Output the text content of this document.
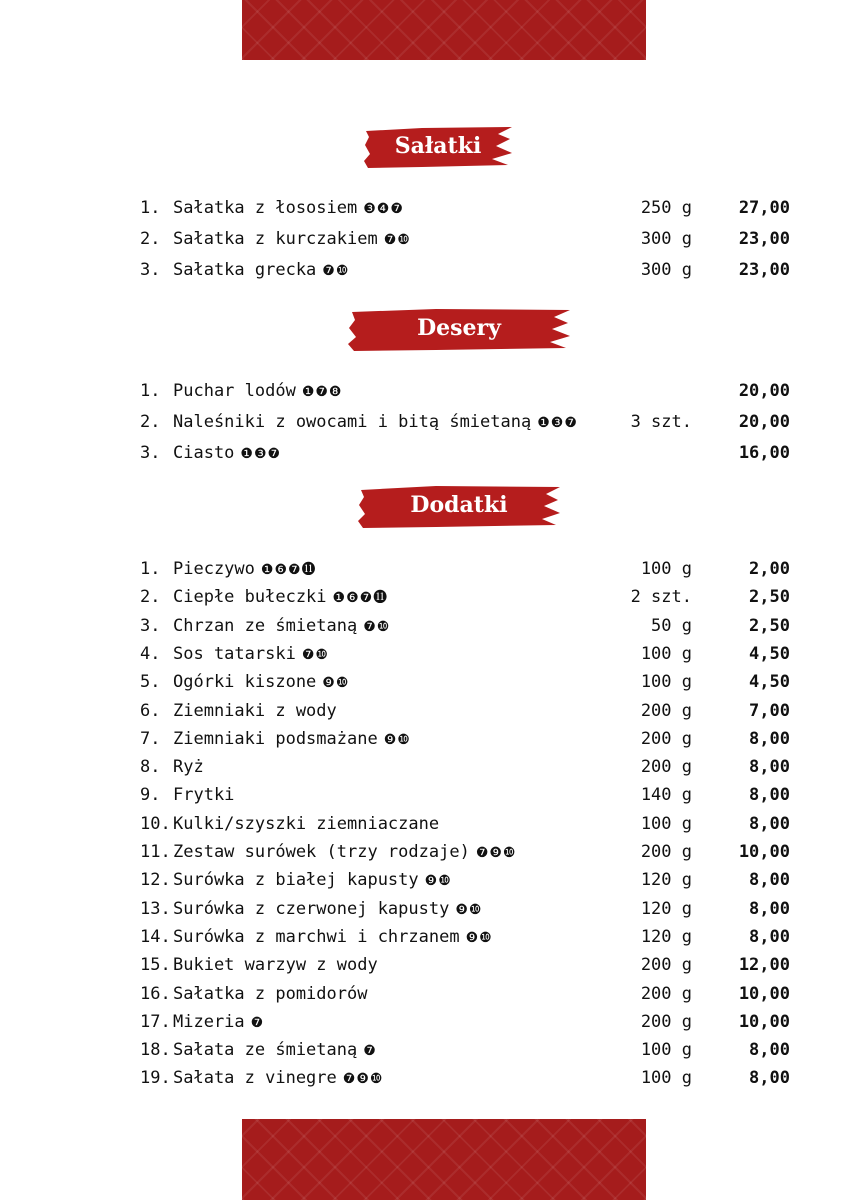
Sałatki
1. Sałatka z łososiem ❸❹❼	250 g	27,00
2. Sałatka z kurczakiem ❼❿	300 g	23,00
3. Sałatka grecka ❼❿	300 g	23,00
Desery
1. Puchar lodów ❶❼❽	20,00
2. Naleśniki z owocami i bitą śmietaną ❶❸❼	3 szt.	20,00
3. Ciasto ❶❸❼	16,00
Dodatki
1. Pieczywo ❶❻❼⓫	100 g	2,00
2. Ciepłe bułeczki ❶❻❼⓫	2 szt.	2,50
3. Chrzan ze śmietaną ❼❿	50 g	2,50
4. Sos tatarski ❼❿	100 g	4,50
5. Ogórki kiszone ❾❿	100 g	4,50
6. Ziemniaki z wody	200 g	7,00
7. Ziemniaki podsmażane ❾❿	200 g	8,00
8. Ryż	200 g	8,00
9. Frytki	140 g	8,00
10. Kulki/szyszki ziemniaczane	100 g	8,00
11. Zestaw surówek (trzy rodzaje) ❼❾❿	200 g	10,00
12. Surówka z białej kapusty ❾❿	120 g	8,00
13. Surówka z czerwonej kapusty ❾❿	120 g	8,00
14. Surówka z marchwi i chrzanem ❾❿	120 g	8,00
15. Bukiet warzyw z wody	200 g	12,00
16. Sałatka z pomidorów	200 g	10,00
17. Mizeria ❼	200 g	10,00
18. Sałata ze śmietaną ❼	100 g	8,00
19. Sałata z vinegre ❼❾❿	100 g	8,00
